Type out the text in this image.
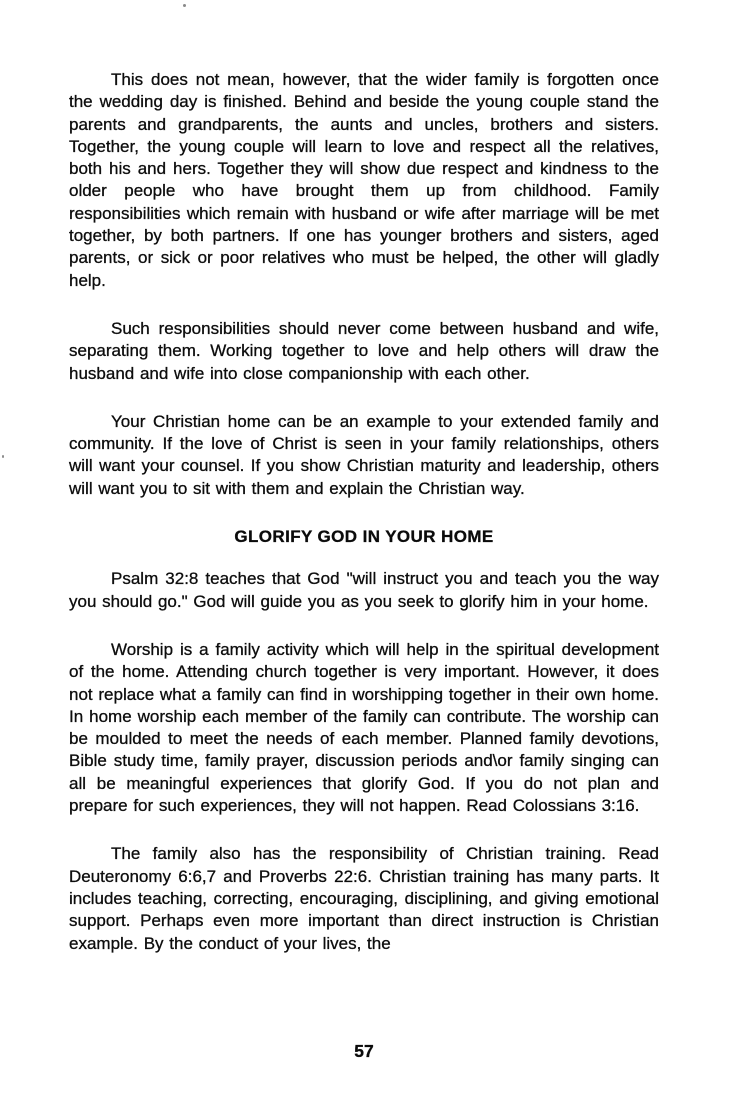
This does not mean, however, that the wider family is forgotten once the wedding day is finished. Behind and beside the young couple stand the parents and grandparents, the aunts and uncles, brothers and sisters. Together, the young couple will learn to love and respect all the relatives, both his and hers. Together they will show due respect and kindness to the older people who have brought them up from childhood. Family responsibilities which remain with husband or wife after marriage will be met together, by both partners. If one has younger brothers and sisters, aged parents, or sick or poor relatives who must be helped, the other will gladly help.

Such responsibilities should never come between husband and wife, separating them. Working together to love and help others will draw the husband and wife into close companionship with each other.

Your Christian home can be an example to your extended family and community. If the love of Christ is seen in your family relationships, others will want your counsel. If you show Christian maturity and leadership, others will want you to sit with them and explain the Christian way.

GLORIFY GOD IN YOUR HOME

Psalm 32:8 teaches that God "will instruct you and teach you the way you should go." God will guide you as you seek to glorify him in your home.

Worship is a family activity which will help in the spiritual development of the home. Attending church together is very important. However, it does not replace what a family can find in worshipping together in their own home. In home worship each member of the family can contribute. The worship can be moulded to meet the needs of each member. Planned family devotions, Bible study time, family prayer, discussion periods and\or family singing can all be meaningful experiences that glorify God. If you do not plan and prepare for such experiences, they will not happen. Read Colossians 3:16.

The family also has the responsibility of Christian training. Read Deuteronomy 6:6,7 and Proverbs 22:6. Christian training has many parts. It includes teaching, correcting, encouraging, disciplining, and giving emotional support. Perhaps even more important than direct instruction is Christian example. By the conduct of your lives, the

57
